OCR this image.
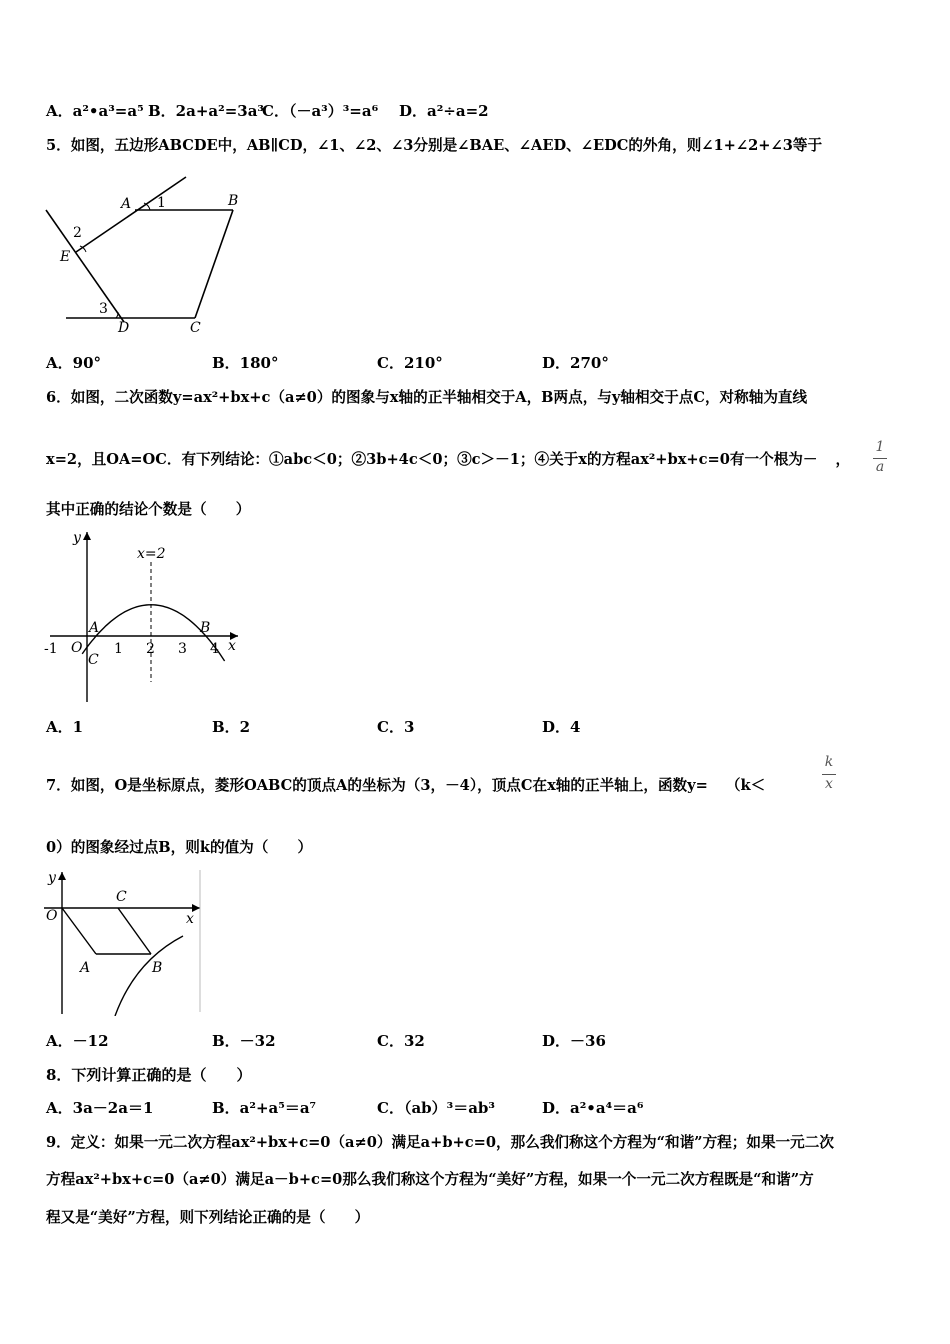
A．a²•a³=a⁵ B．2a+a²=3a³
C．（－a³）³=a⁶ D．a²÷a=2
5．如图，五边形ABCDE中，AB∥CD，∠1、∠2、∠3分别是∠BAE、∠AED、∠EDC的外角，则∠1+∠2+∠3等于
A 1	B
2
E
3
D	C
A．90°	B．180°	C．210°	D．270°
6．如图，二次函数y=ax²+bx+c（a≠0）的图象与x轴的正半轴相交于A，B两点，与y轴相交于点C，对称轴为直线
x=2，且OA=OC．有下列结论：①abc＜0；②3b+4c＜0；③c＞－1；④关于x的方程ax²+bx+c=0有一个根为－ ，
1
a
其中正确的结论个数是（　　）
y
x
x=2
A	B
O
C
-1	1 2 3 4
A．1	B．2	C．3	D．4
7．如图，O是坐标原点，菱形OABC的顶点A的坐标为（3，－4），顶点C在x轴的正半轴上，函数y= （k＜
k
x
0）的图象经过点B，则k的值为（　　）
y
O
C
x
A	B
A．－12	B．－32	C．32	D．－36
8．下列计算正确的是（　　）
A．3a－2a＝1	B．a²+a⁵＝a⁷	C．（ab）³＝ab³	D．a²•a⁴＝a⁶
9．定义：如果一元二次方程ax²+bx+c=0（a≠0）满足a+b+c=0，那么我们称这个方程为“和谐”方程；如果一元二次
方程ax²+bx+c=0（a≠0）满足a－b+c=0那么我们称这个方程为“美好”方程，如果一个一元二次方程既是“和谐”方
程又是“美好”方程，则下列结论正确的是（　　）
